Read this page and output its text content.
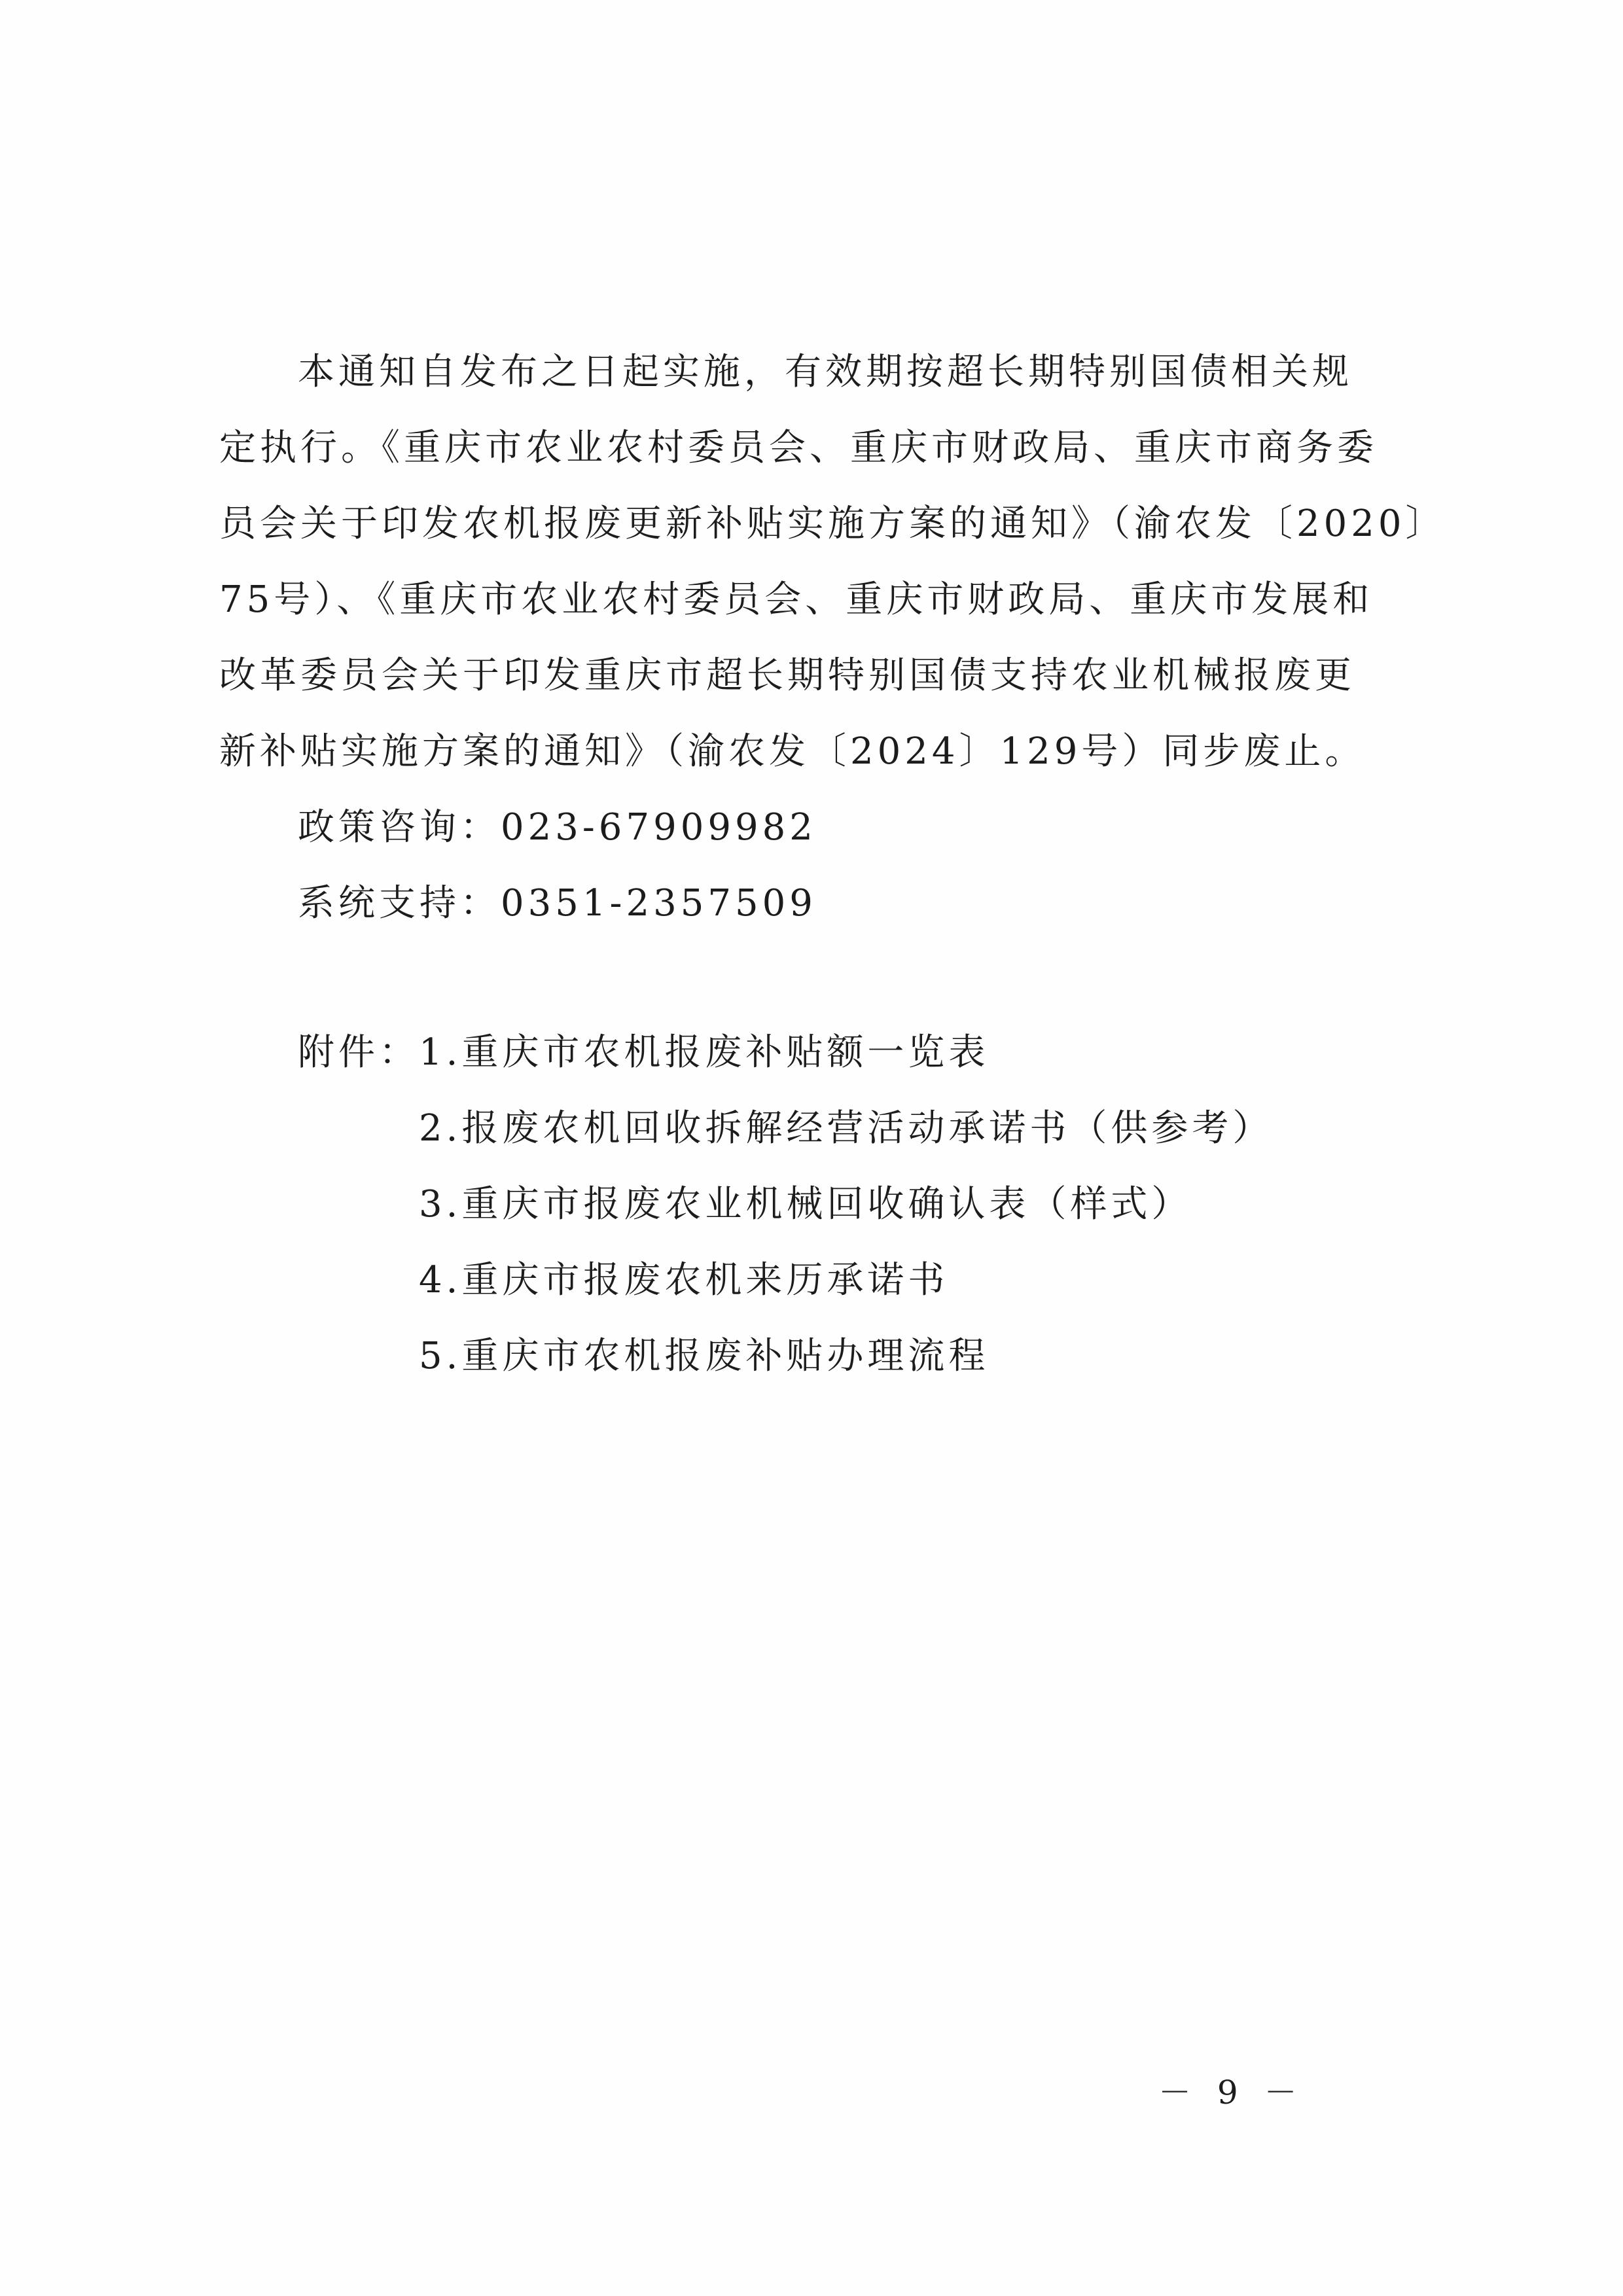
本通知自发布之日起实施，有效期按超长期特别国债相关规
定执行。《重庆市农业农村委员会、重庆市财政局、重庆市商务委
员会关于印发农机报废更新补贴实施方案的通知》（渝农发〔2020〕
75号）、《重庆市农业农村委员会、重庆市财政局、重庆市发展和
改革委员会关于印发重庆市超长期特别国债支持农业机械报废更
新补贴实施方案的通知》（渝农发〔2024〕129号）同步废止。
政策咨询：023-67909982
系统支持：0351-2357509
附件： 1.重庆市农机报废补贴额一览表
2.报废农机回收拆解经营活动承诺书（供参考）
3.重庆市报废农业机械回收确认表（样式）
4.重庆市报废农机来历承诺书
5.重庆市农机报废补贴办理流程
－ 9 －
